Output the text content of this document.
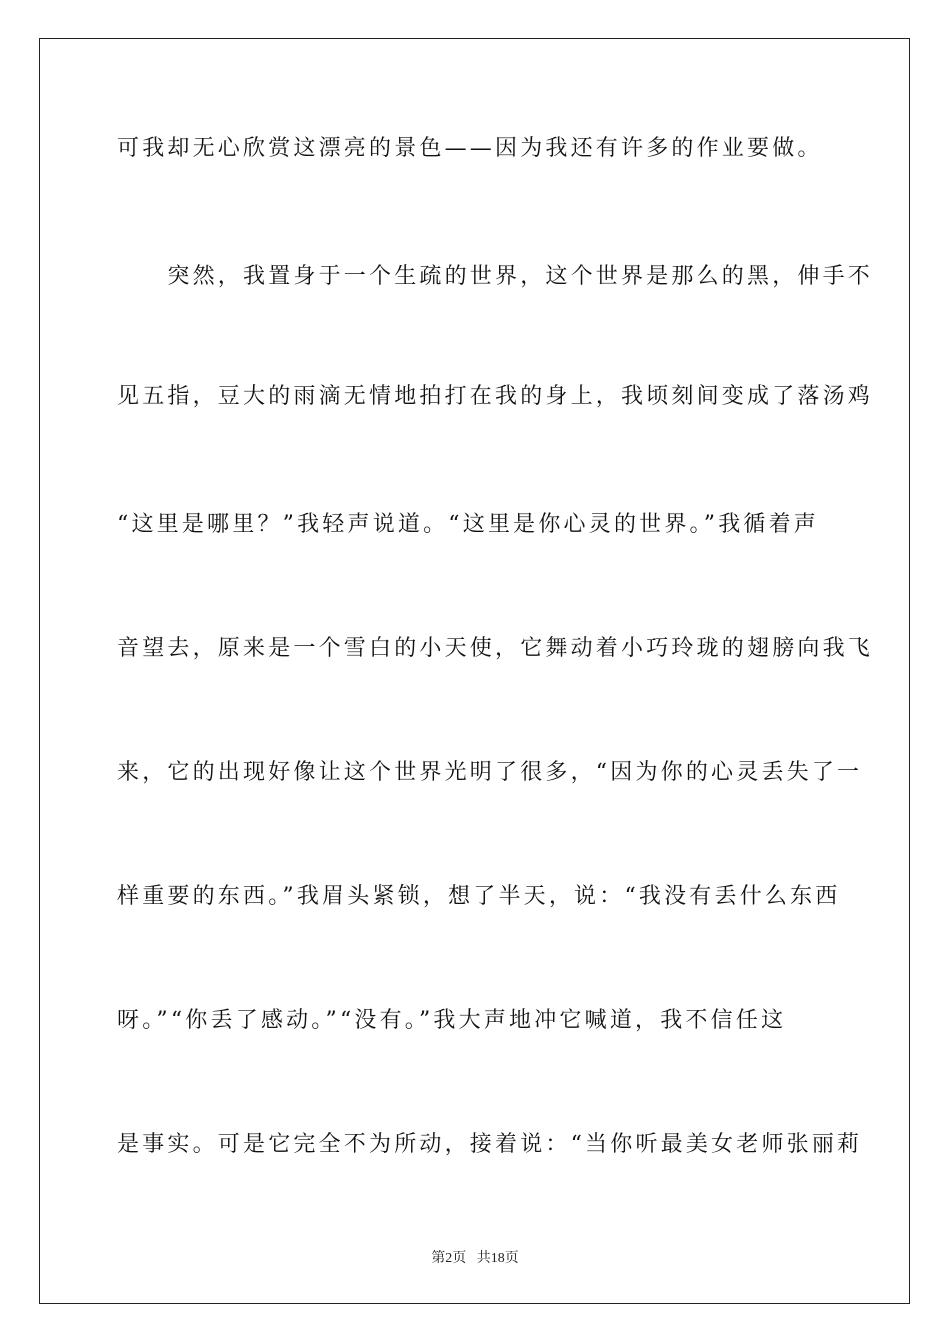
可我却无心欣赏这漂亮的景色——因为我还有许多的作业要做。
　　突然，我置身于一个生疏的世界，这个世界是那么的黑，伸手不
见五指，豆大的雨滴无情地拍打在我的身上，我顷刻间变成了落汤鸡
“这里是哪里？”我轻声说道。“这里是你心灵的世界。”我循着声
音望去，原来是一个雪白的小天使，它舞动着小巧玲珑的翅膀向我飞
来，它的出现好像让这个世界光明了很多，“因为你的心灵丢失了一
样重要的东西。”我眉头紧锁，想了半天，说：“我没有丢什么东西
呀。”“你丢了感动。”“没有。”我大声地冲它喊道，我不信任这
是事实。可是它完全不为所动，接着说：“当你听最美女老师张丽莉
第2页 共18页
